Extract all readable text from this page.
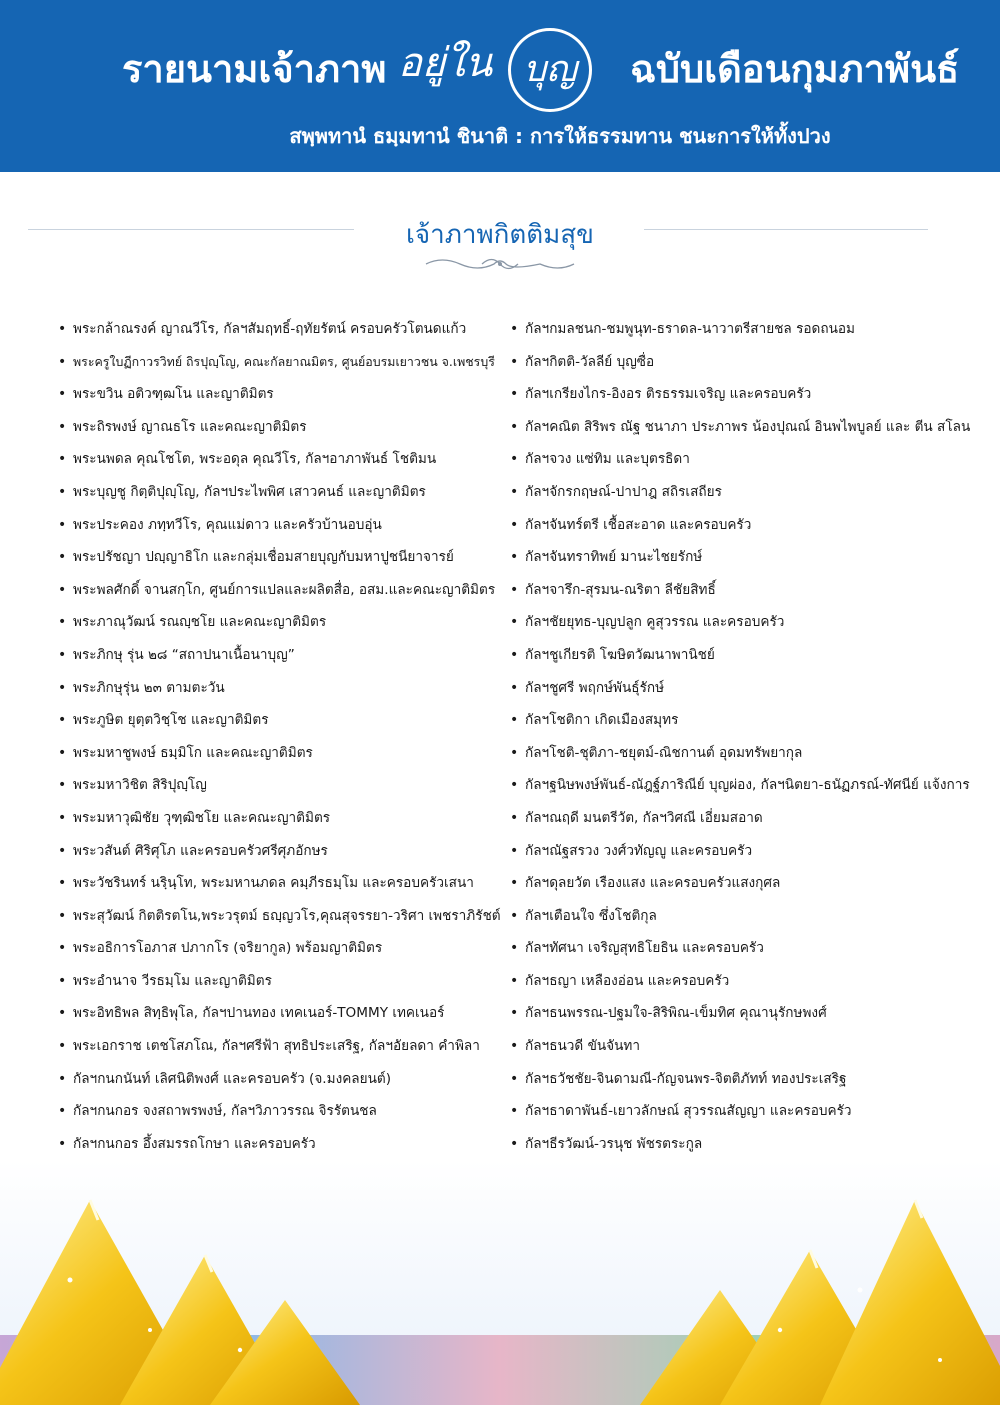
รายนามเจ้าภาพ อยู่ใน บุญ	ฉบับเดือนกุมภาพันธ์
สพฺพทานํ ธมฺมทานํ ชินาติ : การให้ธรรมทาน ชนะการให้ทั้งปวง
เจ้าภาพกิตติมสุข
• พระกล้าณรงค์ ญาณวีโร, กัลฯสัมฤทธิ์-ฤทัยรัตน์ ครอบครัวโตนดแก้ว
• พระครูใบฏีกาวรวิทย์ ถิรปุญฺโญ, คณะกัลยาณมิตร, ศูนย์อบรมเยาวชน จ.เพชรบุรี
• พระขวิน อติวฑฺฒโน และญาติมิตร
• พระถิรพงษ์ ญาณธโร และคณะญาติมิตร
• พระนพดล คุณโชโต, พระอดุล คุณวีโร, กัลฯอาภาพันธ์ โชติมน
• พระบุญชู กิตฺติปุญฺโญ, กัลฯประไพพิศ เสาวคนธ์ และญาติมิตร
• พระประคอง ภทฺทวีโร, คุณแม่ดาว และครัวบ้านอบอุ่น
• พระปรัชญา ปญฺญาธิโก และกลุ่มเชื่อมสายบุญกับมหาปูชนียาจารย์
• พระพลศักดิ์ จานสกฺโก, ศูนย์การแปลและผลิตสื่อ, อสม.และคณะญาติมิตร
• พระภาณุวัฒน์ รณญฺชโย และคณะญาติมิตร
• พระภิกษุ รุ่น ๒๘ “สถาปนาเนื้อนาบุญ”
• พระภิกษุรุ่น ๒๓ ตามตะวัน
• พระภูษิต ยุตฺตวิชฺโช และญาติมิตร
• พระมหาชูพงษ์ ธมฺมิโก และคณะญาติมิตร
• พระมหาวิชิต สิริปุญฺโญ
• พระมหาวุฒิชัย วุฑฺฒิชโย และคณะญาติมิตร
• พระวสันต์ ศิริศุโภ และครอบครัวศรีศุภอักษร
• พระวัชรินทร์ นริฺนฺโท, พระมหานภดล คมฺภีรธมฺโม และครอบครัวเสนา
• พระสุวัฒน์ กิตติรตโน,พระวรุตม์ ธญฺญวโร,คุณสุจรรยา-วริศา เพชราภิรัชต์
• พระอธิการโอภาส ปภากโร (จริยากูล) พร้อมญาติมิตร
• พระอำนาจ วีรธมฺโม และญาติมิตร
• พระอิทธิพล สิทฺธิพุโล, กัลฯปานทอง เทคเนอร์-TOMMY เทคเนอร์
• พระเอกราช เตชโสภโณ, กัลฯศรีฟ้า สุทธิประเสริฐ, กัลฯอัยลดา คำพิลา
• กัลฯกนกนันท์ เลิศนิติพงศ์ และครอบครัว (จ.มงคลยนต์)
• กัลฯกนกอร จงสถาพรพงษ์, กัลฯวิภาวรรณ จิรรัตนชล
• กัลฯกนกอร อึ้งสมรรถโกษา และครอบครัว
• กัลฯกมลชนก-ชมพูนุท-ธราดล-นาวาตรีสายชล รอดถนอม
• กัลฯกิตติ-วัลลีย์ บุญซื่อ
• กัลฯเกรียงไกร-อิงอร ติรธรรมเจริญ และครอบครัว
• กัลฯคณิต สิริพร ณัฐ ชนาภา ประภาพร น้องปุณณ์ อินพไพบูลย์ และ ตีน สโลน
• กัลฯจวง แซ่ทิม และบุตรธิดา
• กัลฯจักรกฤษณ์-ปาปาฎ สถิรเสถียร
• กัลฯจันทร์ตรี เชื้อสะอาด และครอบครัว
• กัลฯจันทราทิพย์ มานะไชยรักษ์
• กัลฯจารึก-สุรมน-ณริตา ลีชัยสิทธิ์
• กัลฯชัยยุทธ-บุญปลูก คูสุวรรณ และครอบครัว
• กัลฯชูเกียรติ โฆษิตวัฒนาพานิชย์
• กัลฯชูศรี พฤกษ์พันธุ์รักษ์
• กัลฯโชติกา เกิดเมืองสมุทร
• กัลฯโชติ-ชุติภา-ชยุตม์-ณิชกานต์ อุดมทรัพยากุล
• กัลฯฐนิษพงษ์พันธ์-ณัฎฐ์ภาริณีย์ บุญผ่อง, กัลฯนิตยา-ธนัฏภรณ์-ทัศนีย์ แจ้งการ
• กัลฯณฤดี มนตรีวัต, กัลฯวิศณี เอี่ยมสอาด
• กัลฯณัฐสรวง วงศ์วทัญญู และครอบครัว
• กัลฯดุลยวัต เรืองแสง และครอบครัวแสงกุศล
• กัลฯเตือนใจ ซึ่งโชติกุล
• กัลฯทัศนา เจริญสุทธิโยธิน และครอบครัว
• กัลฯธญา เหลืองอ่อน และครอบครัว
• กัลฯธนพรรณ-ปฐมใจ-สิริพิณ-เข็มทิศ คุณานุรักษพงศ์
• กัลฯธนวดี ขันจันทา
• กัลฯธวัชชัย-จินดามณี-กัญจนพร-จิตติภัทท์ ทองประเสริฐ
• กัลฯธาดาพันธ์-เยาวลักษณ์ สุวรรณสัญญา และครอบครัว
• กัลฯธีรวัฒน์-วรนุช พัชรตระกูล
